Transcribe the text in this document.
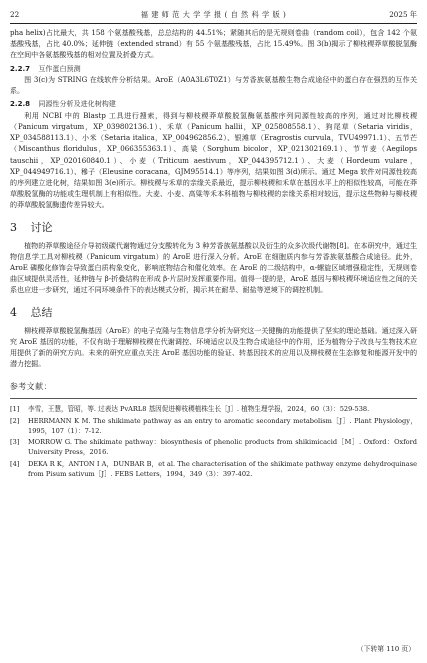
22	福 建 师 范 大 学 学 报 ( 自 然 科 学 版 )	2025 年

pha helix)占比最大，共 158 个氨基酸残基，总总结构的 44.51%；紧随其后的是无规则卷曲（random coil），包含 142 个氨基酸残基，占比 40.0%；延伸链（extended strand）有 55 个氨基酸残基，占比 15.49%。图 3(b)揭示了柳枝稷莽草酸脱氢酶在空间中各氨基酸残基的相对位置及折叠方式。

2.2.7 互作蛋白预测

图 3(c)为 STRING 在线软件分析结果。AroE（A0A3L6T0Z1）与芳香族氨基酸生物合成途径中的蛋白存在强烈的互作关系。

2.2.8 同源性分析及进化树构建

利用 NCBI 中的 Blastp 工具进行搜索，得到与柳枝稷莽草酸脱氢酶氨基酸序列同源性较高的序列，通过对比柳枝稷（Panicum virgatum，XP_039802136.1）、禾草（Panicum hallii，XP_025808558.1）、狗尾草（Setaria viridis，XP_034588113.1）、小米（Setaria italica，XP_004962856.2）、银滩草（Eragrostis curvula，TVU49971.1）、五节芒（Miscanthus floridulus，XP_066355363.1）、高粱（Sorghum bicolor，XP_021302169.1）、节节麦（Aegilops tauschii，XP_020160840.1）、小麦（Triticum aestivum，XP_044395712.1）、大麦（Hordeum vulare，XP_044949716.1）、穇子（Eleusine coracana，GJM95514.1）等序列，结果如图 3(d)所示。通过 Mega 软件对同源性较高的序列建立进化树，结果如图 3(e)所示。柳枝稷与禾草的亲缘关系最近，提示柳枝稷和禾草在基因水平上的相似性较高，可能在莽草酸脱氢酶的功能或生理机制上有相似性。大麦、小麦、高粱等禾本科植物与柳枝稷的亲缘关系相对较远，提示这些物种与柳枝稷的莽草酸脱氢酶遗传差异较大。

3 讨论

植物的莽草酸途径介导初级碳代谢物通过分支酸转化为 3 种芳香族氨基酸以及衍生的众多次级代谢物[8]。在本研究中，通过生物信息学工具对柳枝稷（Panicum virgatum）的 AroE 进行深入分析。AroE 在细胞质内参与芳香族氨基酸合成途径。此外，AroE 磷酸化修饰会导致蛋白质构象变化，影响底物结合和催化效率。在 AroE 的二级结构中，α-螺旋区域增强稳定性，无规则卷曲区域提供灵活性，延伸链与 β-折叠结构在形成 β-片层时发挥重要作用。值得一提的是，AroE 基因与柳枝稷环境适应性之间的关系也应进一步研究，通过不同环境条件下的表达模式分析，揭示其在耐旱、耐盐等逆境下的调控机制。

4 总结

柳枝稷莽草酸脱氢酶基因（AroE）的电子克隆与生物信息学分析为研究这一关键酶的功能提供了坚实的理论基础。通过深入研究 AroE 基因的功能，不仅有助于理解柳枝稷在代谢调控、环境适应以及生物合成途径中的作用，还为植物分子改良与生物技术应用提供了新的研究方向。未来的研究应重点关注 AroE 基因功能的验证、转基因技术的应用以及柳枝稷在生态修复和能源开发中的潜力挖掘。

参考文献：
[1] 李雪，王慧，管昭，等. 过表达 PvARL8 基因促进柳枝稷植株生长［J］. 植物生理学报，2024，60（3）：529-538.
[2] HERRMANN K M. The shikimate pathway as an entry to aromatic secondary metabolism［J］. Plant Physiology，1995，107（1）：7-12.
[3] MORROW G. The shikimate pathway：biosynthesis of phenolic products from shikimicacid［M］. Oxford：Oxford University Press，2016.
[4] DEKA R K，ANTON I A，DUNBAR B，et al. The characterisation of the shikimate pathway enzyme dehydroquinase from Pisum sativum［J］. FEBS Letters，1994，349（3）：397-402.
（下转第 110 页）
